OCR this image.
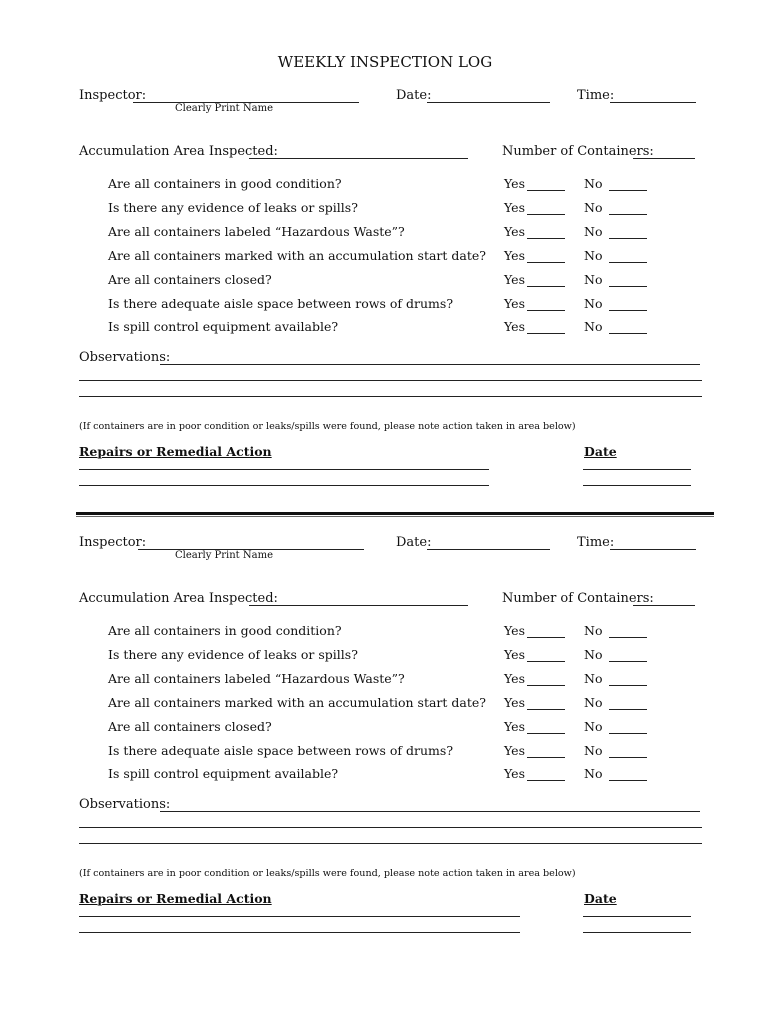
WEEKLY INSPECTION LOG
Inspector:	Date:	Time:
Clearly Print Name
Accumulation Area Inspected:	Number of Containers:
Are all containers in good condition?	Yes	No
Is there any evidence of leaks or spills?	Yes	No
Are all containers labeled “Hazardous Waste”?	Yes	No
Are all containers marked with an accumulation start date? Yes	No
Are all containers closed?	Yes	No
Is there adequate aisle space between rows of drums?	Yes	No
Is spill control equipment available?	Yes	No
Observations:
(If containers are in poor condition or leaks/spills were found, please note action taken in area below)
Repairs or Remedial Action	Date
Inspector:	Date:	Time:
Clearly Print Name
Accumulation Area Inspected:	Number of Containers:
Are all containers in good condition?	Yes	No
Is there any evidence of leaks or spills?	Yes	No
Are all containers labeled “Hazardous Waste”?	Yes	No
Are all containers marked with an accumulation start date? Yes	No
Are all containers closed?	Yes	No
Is there adequate aisle space between rows of drums?	Yes	No
Is spill control equipment available?	Yes	No
Observations:
(If containers are in poor condition or leaks/spills were found, please note action taken in area below)
Repairs or Remedial Action	Date
